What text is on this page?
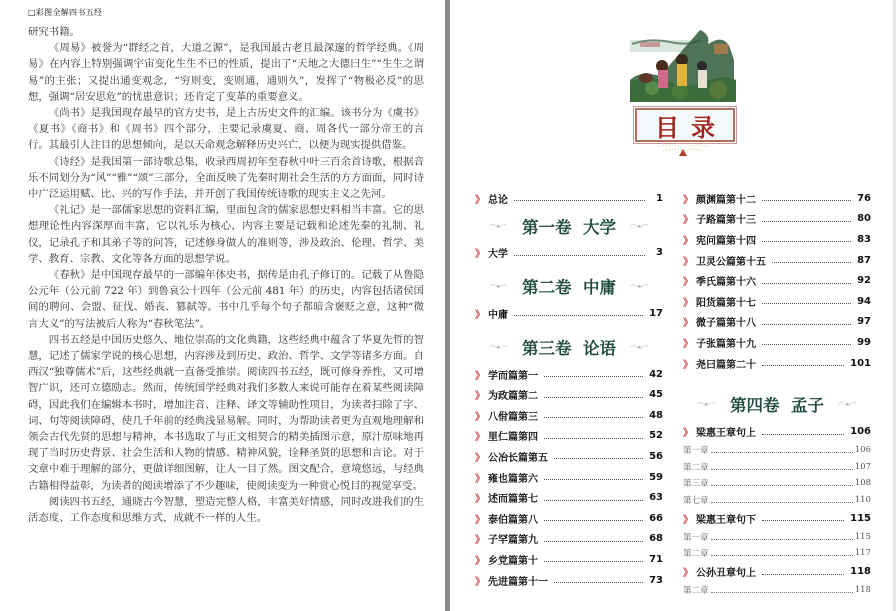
□彩图全解四书五经

研究书籍。

《周易》被誉为“群经之首，大道之源”，是我国最古老且最深邃的哲学经典。《周易》在内容上特别强调宇宙变化生生不已的性质，提出了“天地之大德曰生”“生生之谓易”的主张；又提出通变观念，“穷则变，变则通，通则久”，发挥了“物极必反”的思想，强调“居安思危”的忧患意识；还肯定了变革的重要意义。

《尚书》是我国现存最早的官方史书，是上古历史文件的汇编。该书分为《虞书》《夏书》《商书》和《周书》四个部分，主要记录虞夏、商、周各代一部分帝王的言行。其最引人注目的思想倾向，是以天命观念解释历史兴亡，以便为现实提供借鉴。

《诗经》是我国第一部诗歌总集，收录西周初年至春秋中叶三百余首诗歌，根据音乐不同划分为“风”“雅”“颂”三部分，全面反映了先秦时期社会生活的方方面面，同时诗中广泛运用赋、比、兴的写作手法，并开创了我国传统诗歌的现实主义之先河。

《礼记》是一部儒家思想的资料汇编，里面包含的儒家思想史料相当丰富。它的思想理论性内容深厚而丰富，它以礼乐为核心，内容主要是记载和论述先秦的礼制、礼仪，记录孔子和其弟子等的问答，记述修身做人的准则等，涉及政治、伦理、哲学、美学、教育、宗教、文化等各方面的思想学说。

《春秋》是中国现存最早的一部编年体史书，据传是由孔子修订的。记载了从鲁隐公元年（公元前 722 年）到鲁哀公十四年（公元前 481 年）的历史，内容包括诸侯国间的聘问、会盟、征伐、婚丧、篡弑等。书中几乎每个句子都暗含褒贬之意，这种“微言大义”的写法被后人称为“春秋笔法”。

四书五经是中国历史悠久、地位崇高的文化典籍，这些经典中蕴含了华夏先哲的智慧，记述了儒家学说的核心思想，内容涉及到历史、政治、哲学、文学等诸多方面。自西汉“独尊儒术”后，这些经典就一直备受推崇。阅读四书五经，既可修身养性，又可增智广识，还可立德励志。然而，传统国学经典对我们多数人来说可能存在着某些阅读障碍，因此我们在编辑本书时，增加注音、注释、译文等辅助性项目，为读者扫除了字、词、句等阅读障碍，使几千年前的经典浅显易解。同时，为帮助读者更为直观地理解和领会古代先贤的思想与精神，本书选取了与正文相契合的精美插图示意，原汁原味地再现了当时历史背景、社会生活和人物的情感、精神风貌，诠释圣贤的思想和言论。对于文章中难于理解的部分，更做详细图解，让人一目了然。图文配合，意境悠远，与经典古籍相得益彰，为读者的阅读增添了不少趣味，使阅读变为一种赏心悦目的视觉享受。

阅读四书五经，通晓古今智慧，塑造完整人格，丰富美好情感，同时改进我们的生活态度、工作态度和思维方式，成就不一样的人生。

目录
》 总论	1
第一卷  大学
》 大学	3
第二卷  中庸
》 中庸	17
第三卷  论语
》 学而篇第一	42
》 为政篇第二	45
》 八佾篇第三	48
》 里仁篇第四	52
》 公冶长篇第五	56
》 雍也篇第六	59
》 述而篇第七	63
》 泰伯篇第八	66
》 子罕篇第九	68
》 乡党篇第十	71
》 先进篇第十一	73
》 颜渊篇第十二	76
》 子路篇第十三	80
》 宪问篇第十四	83
》 卫灵公篇第十五	87
》 季氏篇第十六	92
》 阳货篇第十七	94
》 微子篇第十八	97
》 子张篇第十九	99
》 尧曰篇第二十	101
第四卷  孟子
》 梁惠王章句上	106
第一章	106
第二章	107
第三章	108
第七章	110
》 梁惠王章句下	115
第一章	115
第二章	117
》 公孙丑章句上	118
第二章	118
